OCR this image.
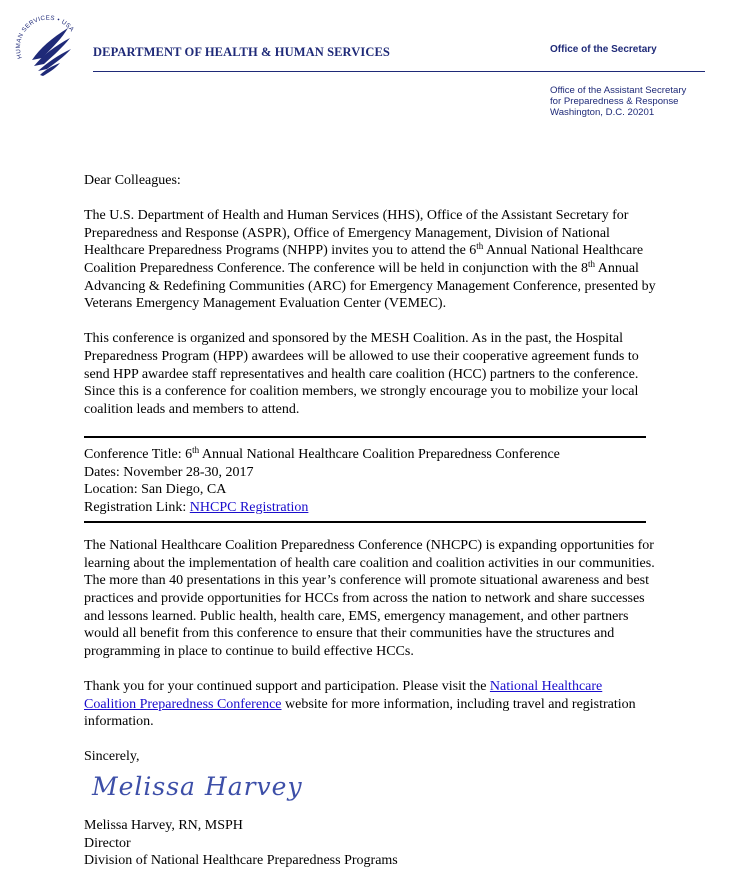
HUMAN SERVICES • USA
DEPARTMENT OF HEALTH & HUMAN SERVICES	Office of the Secretary
Office of the Assistant Secretary
for Preparedness & Response
Washington, D.C. 20201

Dear Colleagues:

The U.S. Department of Health and Human Services (HHS), Office of the Assistant Secretary for Preparedness and Response (ASPR), Office of Emergency Management, Division of National Healthcare Preparedness Programs (NHPP) invites you to attend the 6th Annual National Healthcare Coalition Preparedness Conference. The conference will be held in conjunction with the 8th Annual Advancing & Redefining Communities (ARC) for Emergency Management Conference, presented by Veterans Emergency Management Evaluation Center (VEMEC).

This conference is organized and sponsored by the MESH Coalition. As in the past, the Hospital Preparedness Program (HPP) awardees will be allowed to use their cooperative agreement funds to send HPP awardee staff representatives and health care coalition (HCC) partners to the conference. Since this is a conference for coalition members, we strongly encourage you to mobilize your local coalition leads and members to attend.

Conference Title: 6th Annual National Healthcare Coalition Preparedness Conference
Dates: November 28-30, 2017
Location: San Diego, CA
Registration Link: NHCPC Registration

The National Healthcare Coalition Preparedness Conference (NHCPC) is expanding opportunities for learning about the implementation of health care coalition and coalition activities in our communities. The more than 40 presentations in this year’s conference will promote situational awareness and best practices and provide opportunities for HCCs from across the nation to network and share successes and lessons learned. Public health, health care, EMS, emergency management, and other partners would all benefit from this conference to ensure that their communities have the structures and programming in place to continue to build effective HCCs.

Thank you for your continued support and participation. Please visit the National Healthcare Coalition Preparedness Conference website for more information, including travel and registration information.

Sincerely,
Melissa Harvey
Melissa Harvey, RN, MSPH
Director
Division of National Healthcare Preparedness Programs
